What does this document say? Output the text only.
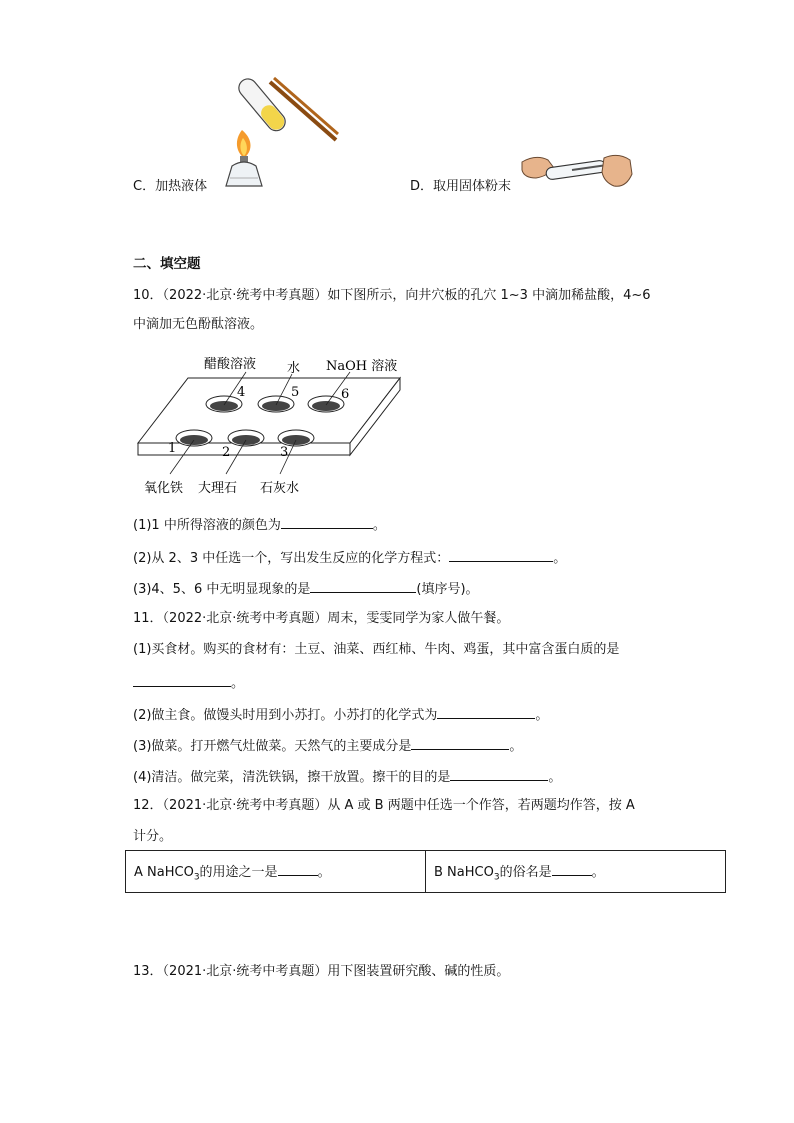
C．加热液体	D．取用固体粉末
二、填空题
10．（2022·北京·统考中考真题）如下图所示，向井穴板的孔穴 1~3 中滴加稀盐酸，4~6
中滴加无色酚酞溶液。
4	5	6
1	2	3
醋酸溶液 水 NaOH 溶液
氧化铁 大理石 石灰水
(1)1 中所得溶液的颜色为	。
(2)从 2、3 中任选一个，写出发生反应的化学方程式：	。
(3)4、5、6 中无明显现象的是	(填序号)。
11．（2022·北京·统考中考真题）周末，雯雯同学为家人做午餐。
(1)买食材。购买的食材有：土豆、油菜、西红柿、牛肉、鸡蛋，其中富含蛋白质的是
。
(2)做主食。做馒头时用到小苏打。小苏打的化学式为	。
(3)做菜。打开燃气灶做菜。天然气的主要成分是	。
(4)清洁。做完菜，清洗铁锅，擦干放置。擦干的目的是	。
12．（2021·北京·统考中考真题）从 A 或 B 两题中任选一个作答，若两题均作答，按 A
计分。
A NaHCO$_3$的用途之一是	。	B NaHCO$_3$的俗名是	。
13．（2021·北京·统考中考真题）用下图装置研究酸、碱的性质。
